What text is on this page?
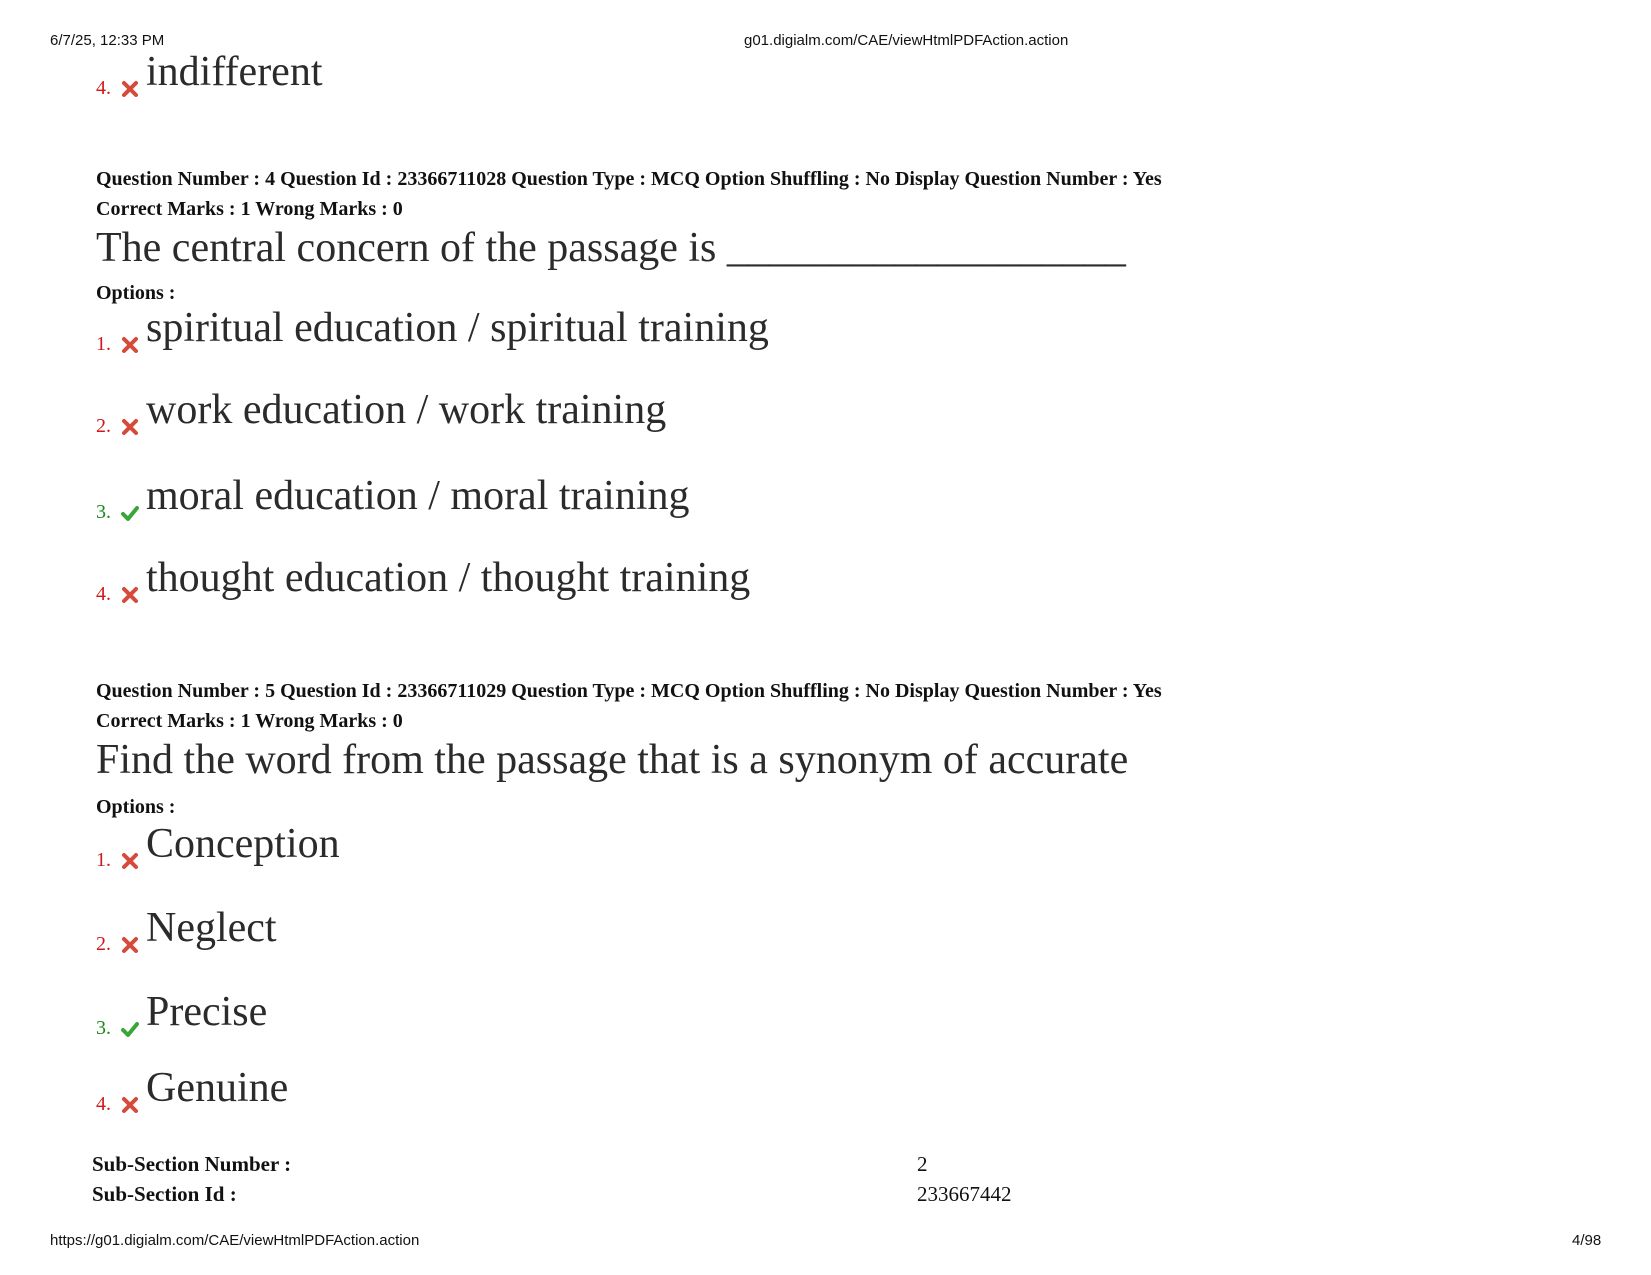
6/7/25, 12:33 PM	g01.digialm.com/CAE/viewHtmlPDFAction.action
4. indifferent
Question Number : 4 Question Id : 23366711028 Question Type : MCQ Option Shuffling : No Display Question Number : Yes
Correct Marks : 1 Wrong Marks : 0
The central concern of the passage is ___________________
Options :
1. spiritual education / spiritual training
2. work education / work training
3. moral education / moral training
4. thought education / thought training
Question Number : 5 Question Id : 23366711029 Question Type : MCQ Option Shuffling : No Display Question Number : Yes
Correct Marks : 1 Wrong Marks : 0
Find the word from the passage that is a synonym of accurate
Options :
1. Conception
2. Neglect
3. Precise
4. Genuine
Sub-Section Number :	2
Sub-Section Id :	233667442
https://g01.digialm.com/CAE/viewHtmlPDFAction.action	4/98
